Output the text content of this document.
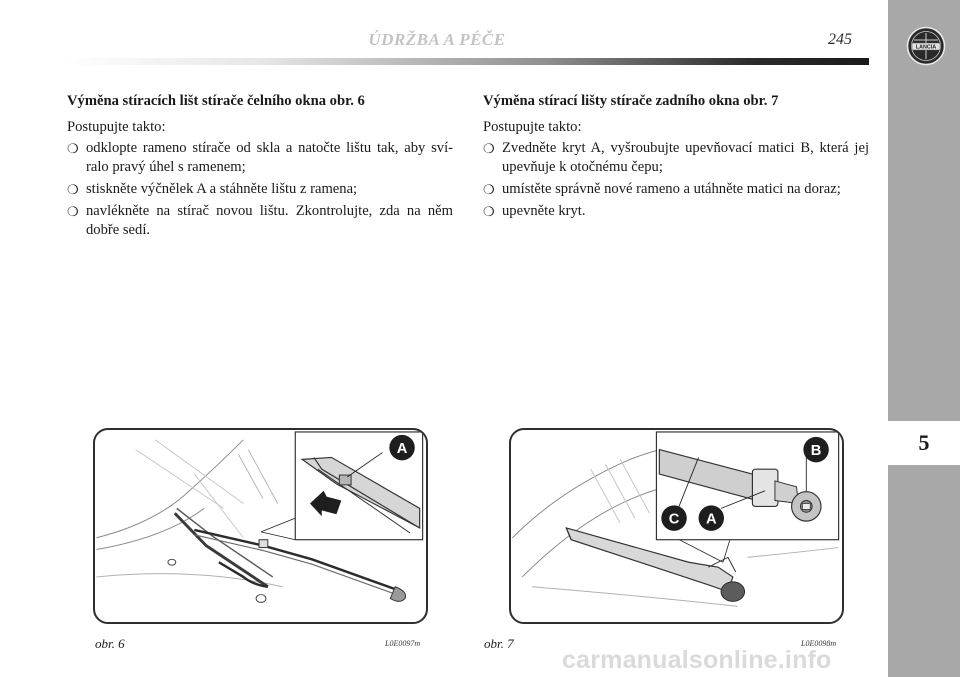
ÚDRŽBA A PÉČE	245	LANCIA
5
Výměna stíracích lišt stírače čelního okna obr. 6
Postupujte takto:
❍ odklopte rameno stírače od skla a natočte lištu tak, aby sví- ralo pravý úhel s ramenem;
❍ stiskněte výčnělek A a stáhněte lištu z ramena;
❍ navlékněte na stírač novou lištu. Zkontrolujte, zda na něm dobře sedí.
Výměna stírací lišty stírače zadního okna obr. 7
Postupujte takto:
❍ Zvedněte kryt A, vyšroubujte upevňovací matici B, která jej upevňuje k otočnému čepu;
❍ umístěte správně nové rameno a utáhněte matici na doraz;
❍ upevněte kryt.
A
obr. 6	L0E0097m
B
C A
obr. 7	L0E0098m
carmanualsonline.info
